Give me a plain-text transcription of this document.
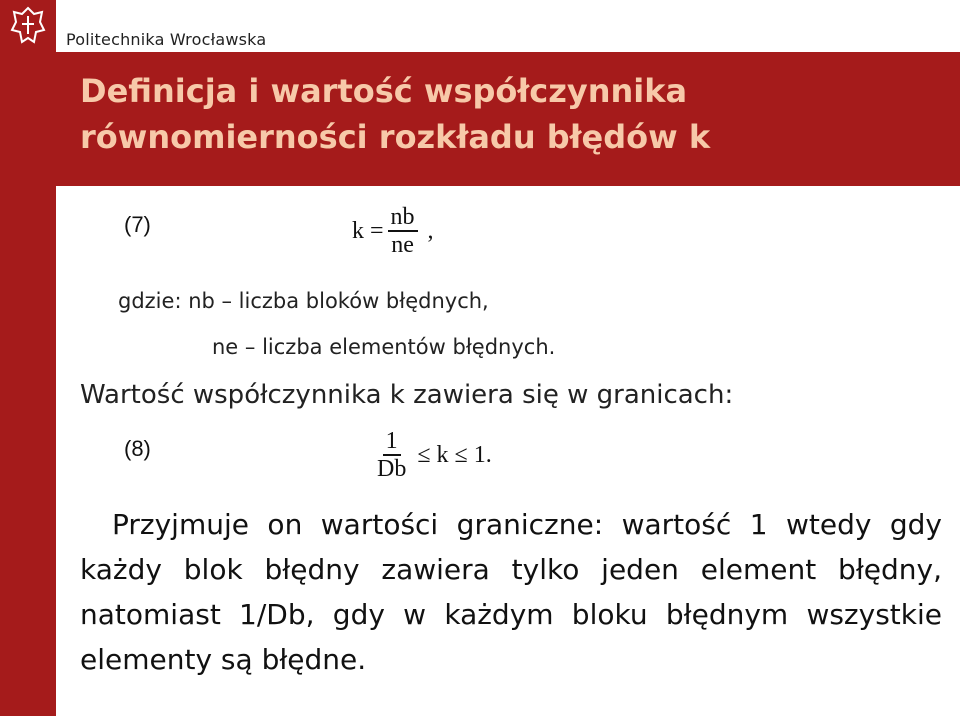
Politechnika Wrocławska
Definicja i wartość współczynnika
równomierności rozkładu błędów k
(7)	$k = \frac{nb}{ne}$ ,
gdzie: nb – liczba bloków błędnych,
ne – liczba elementów błędnych.
Wartość współczynnika k zawiera się w granicach:
(8)	$\frac{1}{Db} \le k \le 1$.

Przyjmuje on wartości graniczne: wartość 1 wtedy gdy każdy blok błędny zawiera tylko jeden element błędny, natomiast 1/Db, gdy w każdym bloku błędnym wszystkie elementy są błędne.
